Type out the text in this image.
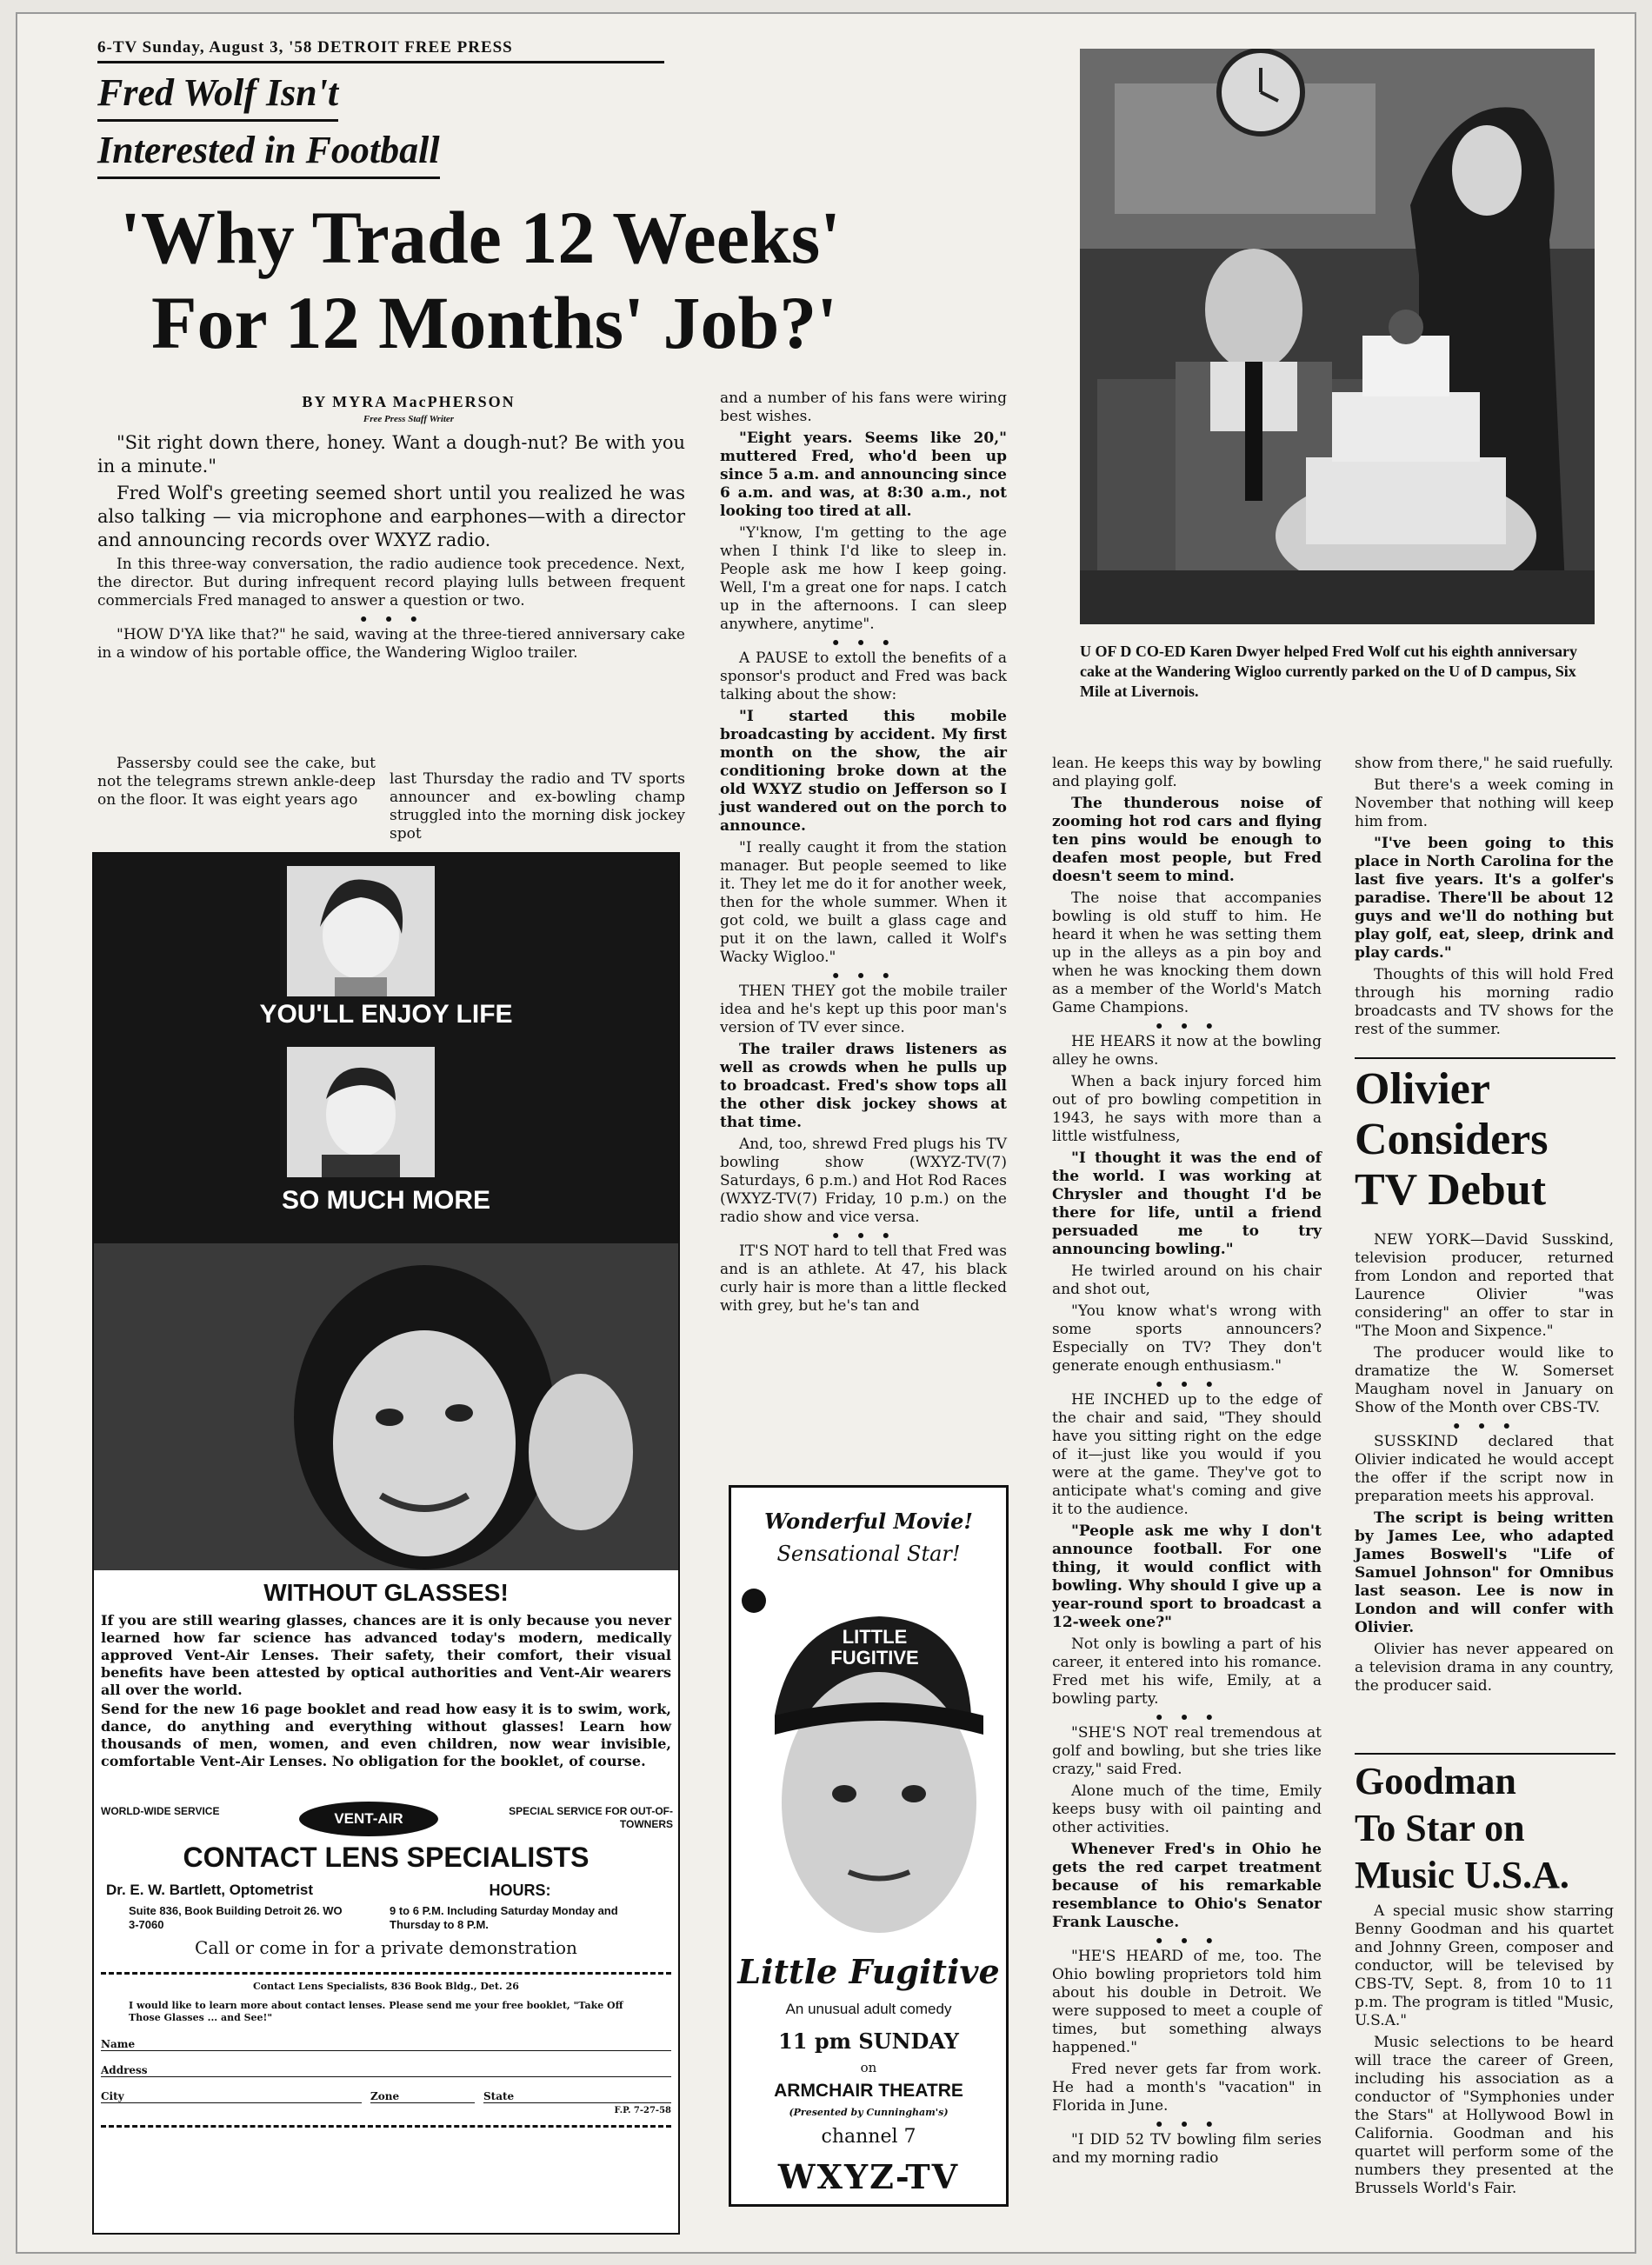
6-TV Sunday, August 3, '58 DETROIT FREE PRESS
Fred Wolf Isn't
Interested in Football
'Why Trade 12 Weeks'
For 12 Months' Job?'
U OF D CO-ED Karen Dwyer helped Fred Wolf cut his eighth anniversary cake at the Wandering Wigloo currently parked on the U of D campus, Six Mile at Livernois.
BY MYRA MacPHERSON
Free Press Staff Writer

"Sit right down there, honey. Want a dough-nut? Be with you in a minute."

Fred Wolf's greeting seemed short until you realized he was also talking — via microphone and earphones—with a director and announcing records over WXYZ radio.

In this three-way conversation, the radio audience took precedence. Next, the director. But during infrequent record playing lulls between frequent commercials Fred managed to answer a question or two.

• • •

"HOW D'YA like that?" he said, waving at the three-tiered anniversary cake in a window of his portable office, the Wandering Wigloo trailer.

Passersby could see the cake, but not the telegrams strewn ankle-deep on the floor. It was eight years ago

last Thursday the radio and TV sports announcer and ex-bowling champ struggled into the morning disk jockey spot

and a number of his fans were wiring best wishes.

"Eight years. Seems like 20," muttered Fred, who'd been up since 5 a.m. and announcing since 6 a.m. and was, at 8:30 a.m., not looking too tired at all.

"Y'know, I'm getting to the age when I think I'd like to sleep in. People ask me how I keep going. Well, I'm a great one for naps. I catch up in the afternoons. I can sleep anywhere, anytime".

• • •

A PAUSE to extoll the benefits of a sponsor's product and Fred was back talking about the show:

"I started this mobile broadcasting by accident. My first month on the show, the air conditioning broke down at the old WXYZ studio on Jefferson so I just wandered out on the porch to announce.

"I really caught it from the station manager. But people seemed to like it. They let me do it for another week, then for the whole summer. When it got cold, we built a glass cage and put it on the lawn, called it Wolf's Wacky Wigloo."

• • •

THEN THEY got the mobile trailer idea and he's kept up this poor man's version of TV ever since.

The trailer draws listeners as well as crowds when he pulls up to broadcast. Fred's show tops all the other disk jockey shows at that time.

And, too, shrewd Fred plugs his TV bowling show (WXYZ-TV(7) Saturdays, 6 p.m.) and Hot Rod Races (WXYZ-TV(7) Friday, 10 p.m.) on the radio show and vice versa.

• • •

IT'S NOT hard to tell that Fred was and is an athlete. At 47, his black curly hair is more than a little flecked with grey, but he's tan and

lean. He keeps this way by bowling and playing golf.

The thunderous noise of zooming hot rod cars and flying ten pins would be enough to deafen most people, but Fred doesn't seem to mind.

The noise that accompanies bowling is old stuff to him. He heard it when he was setting them up in the alleys as a pin boy and when he was knocking them down as a member of the World's Match Game Champions.

• • •

HE HEARS it now at the bowling alley he owns.

When a back injury forced him out of pro bowling competition in 1943, he says with more than a little wistfulness,

"I thought it was the end of the world. I was working at Chrysler and thought I'd be there for life, until a friend persuaded me to try announcing bowling."

He twirled around on his chair and shot out,

"You know what's wrong with some sports announcers? Especially on TV? They don't generate enough enthusiasm."

• • •

HE INCHED up to the edge of the chair and said, "They should have you sitting right on the edge of it—just like you would if you were at the game. They've got to anticipate what's coming and give it to the audience.

"People ask me why I don't announce football. For one thing, it would conflict with bowling. Why should I give up a year-round sport to broadcast a 12-week one?"

Not only is bowling a part of his career, it entered into his romance. Fred met his wife, Emily, at a bowling party.

• • •

"SHE'S NOT real tremendous at golf and bowling, but she tries like crazy," said Fred.

Alone much of the time, Emily keeps busy with oil painting and other activities.

Whenever Fred's in Ohio he gets the red carpet treatment because of his remarkable resemblance to Ohio's Senator Frank Lausche.

• • •

"HE'S HEARD of me, too. The Ohio bowling proprietors told him about his double in Detroit. We were supposed to meet a couple of times, but something always happened."

Fred never gets far from work. He had a month's "vacation" in Florida in June.

• • •

"I DID 52 TV bowling film series and my morning radio

show from there," he said ruefully.

But there's a week coming in November that nothing will keep him from.

"I've been going to this place in North Carolina for the last five years. It's a golfer's paradise. There'll be about 12 guys and we'll do nothing but play golf, eat, sleep, drink and play cards."

Thoughts of this will hold Fred through his morning radio broadcasts and TV shows for the rest of the summer.

Olivier
Considers
TV Debut

NEW YORK—David Susskind, television producer, returned from London and reported that Laurence Olivier "was considering" an offer to star in "The Moon and Sixpence."

The producer would like to dramatize the W. Somerset Maugham novel in January on Show of the Month over CBS-TV.

• • •

SUSSKIND declared that Olivier indicated he would accept the offer if the script now in preparation meets his approval.

The script is being written by James Lee, who adapted James Boswell's "Life of Samuel Johnson" for Omnibus last season. Lee is now in London and will confer with Olivier.

Olivier has never appeared on a television drama in any country, the producer said.

Goodman
To Star on
Music U.S.A.

A special music show starring Benny Goodman and his quartet and Johnny Green, composer and conductor, will be televised by CBS-TV, Sept. 8, from 10 to 11 p.m. The program is titled "Music, U.S.A."

Music selections to be heard will trace the career of Green, including his association as a conductor of "Symphonies under the Stars" at Hollywood Bowl in California. Goodman and his quartet will perform some of the numbers they presented at the Brussels World's Fair.

YOU'LL ENJOY LIFE
SO MUCH MORE
WITHOUT GLASSES!

If you are still wearing glasses, chances are it is only because you never learned how far science has advanced today's modern, medically approved Vent-Air Lenses. Their safety, their comfort, their visual benefits have been attested by optical authorities and Vent-Air wearers all over the world.

Send for the new 16 page booklet and read how easy it is to swim, work, dance, do anything and everything without glasses! Learn how thousands of men, women, and even children, now wear invisible, comfortable Vent-Air Lenses. No obligation for the booklet, of course.

WORLD-WIDE SERVICE	VENT-AIR	SPECIAL SERVICE FOR OUT-OF-TOWNERS
CONTACT LENS SPECIALISTS
Dr. E. W. Bartlett, Optometrist
Suite 836, Book Building Detroit 26. WO 3-7060
HOURS:
9 to 6 P.M. Including Saturday Monday and Thursday to 8 P.M.
Call or come in for a private demonstration
Contact Lens Specialists, 836 Book Bldg., Det. 26
I would like to learn more about contact lenses. Please send me your free booklet, "Take Off Those Glasses ... and See!"
Name
Address
City	Zone	State
F.P. 7-27-58
Wonderful Movie!
Sensational Star!
LITTLE FUGITIVE
Little Fugitive
An unusual adult comedy
11 pm SUNDAY
on
ARMCHAIR THEATRE
(Presented by Cunningham's)
channel 7
WXYZ-TV
